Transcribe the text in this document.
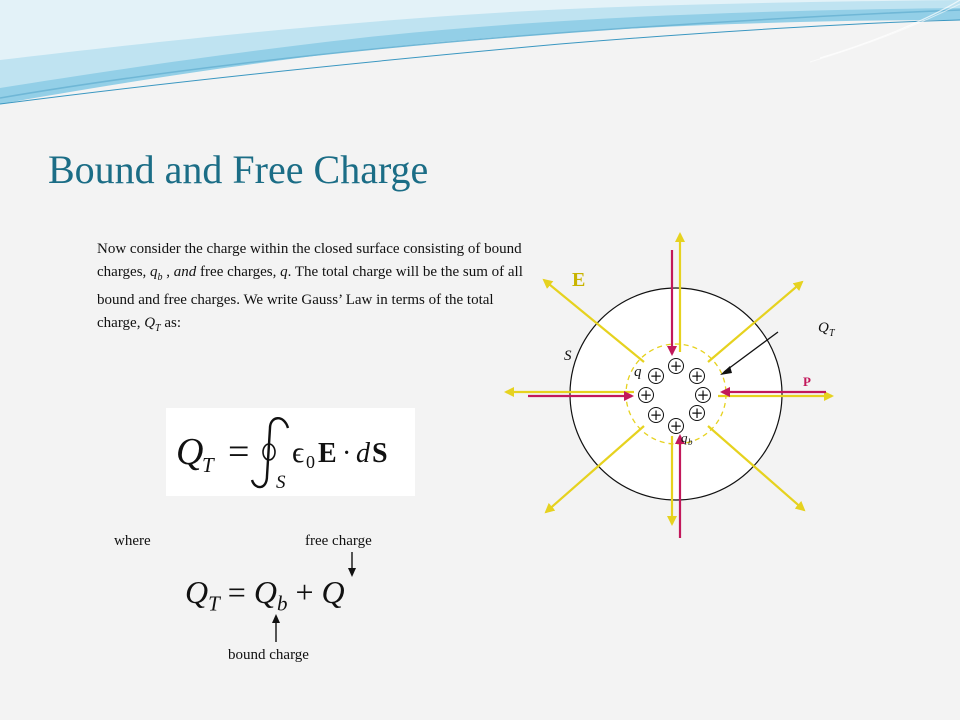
Bound and Free Charge
Now consider the charge within the closed surface consisting of bound charges, $q_b$ , and free charges, q. The total charge will be the sum of all bound and free charges. We write Gauss’ Law in terms of the total charge, $Q_T$ as:
Q
T =
S
ϵ 0 E · d S
where	free charge
$Q_T = Q_b + Q$
bound charge
+
+ +
+	+
+ +
+
E
S
Q T
P
q
q b
